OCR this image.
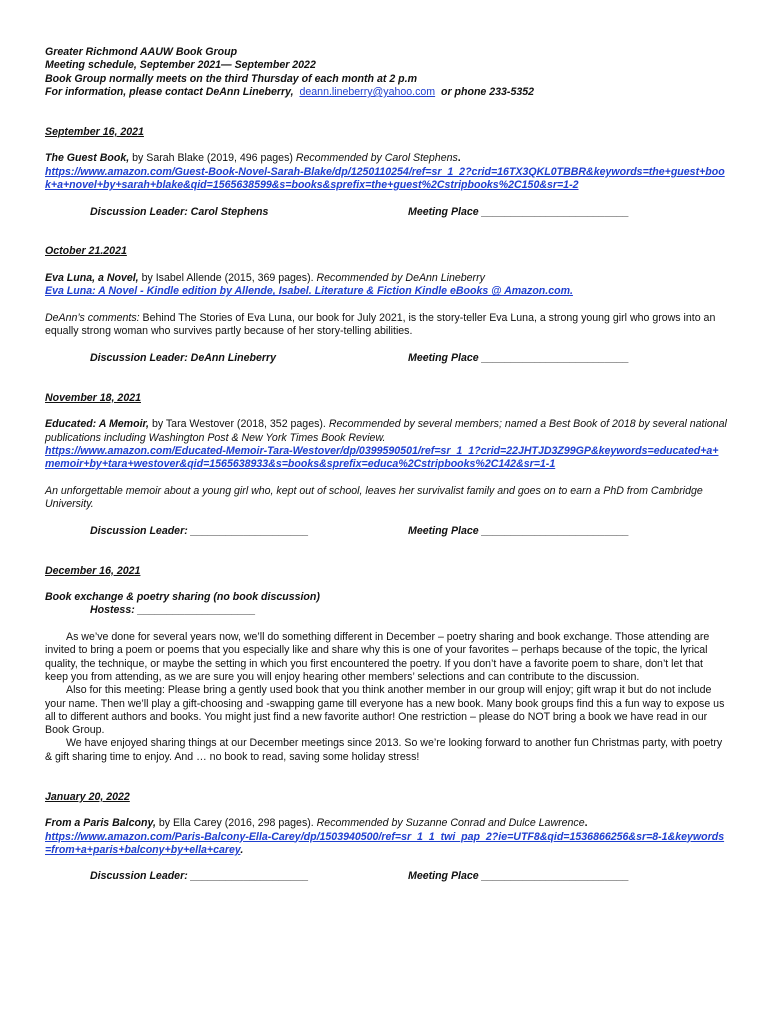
Greater Richmond AAUW Book Group

Meeting schedule, September 2021— September 2022

Book Group normally meets on the third Thursday of each month at 2 p.m

For information, please contact DeAnn Lineberry, deann.lineberry@yahoo.com or phone 233-5352

September 16, 2021

The Guest Book, by Sarah Blake (2019, 496 pages) Recommended by Carol Stephens.

https://www.amazon.com/Guest-Book-Novel-Sarah-Blake/dp/1250110254/ref=sr_1_2?crid=16TX3QKL0TBBR&keywords=the+guest+book+a+novel+by+sarah+blake&qid=1565638599&s=books&sprefix=the+guest%2Cstripbooks%2C150&sr=1-2

Discussion Leader: Carol Stephens	Meeting Place _________________________

October 21.2021

Eva Luna, a Novel, by Isabel Allende (2015, 369 pages). Recommended by DeAnn Lineberry

Eva Luna: A Novel - Kindle edition by Allende, Isabel. Literature & Fiction Kindle eBooks @ Amazon.com.

DeAnn’s comments: Behind The Stories of Eva Luna, our book for July 2021, is the story-teller Eva Luna, a strong young girl who grows into an equally strong woman who survives partly because of her story-telling abilities.

Discussion Leader: DeAnn Lineberry	Meeting Place _________________________

November 18, 2021

Educated: A Memoir, by Tara Westover (2018, 352 pages). Recommended by several members; named a Best Book of 2018 by several national publications including Washington Post & New York Times Book Review.

https://www.amazon.com/Educated-Memoir-Tara-Westover/dp/0399590501/ref=sr_1_1?crid=22JHTJD3Z99GP&keywords=educated+a+memoir+by+tara+westover&qid=1565638933&s=books&sprefix=educa%2Cstripbooks%2C142&sr=1-1

An unforgettable memoir about a young girl who, kept out of school, leaves her survivalist family and goes on to earn a PhD from Cambridge University.

Discussion Leader: ____________________	Meeting Place _________________________

December 16, 2021

Book exchange & poetry sharing (no book discussion)

Hostess: ____________________

As we’ve done for several years now, we’ll do something different in December – poetry sharing and book exchange. Those attending are invited to bring a poem or poems that you especially like and share why this is one of your favorites – perhaps because of the topic, the lyrical quality, the technique, or maybe the setting in which you first encountered the poetry. If you don’t have a favorite poem to share, don’t let that keep you from attending, as we are sure you will enjoy hearing other members’ selections and can contribute to the discussion.

Also for this meeting: Please bring a gently used book that you think another member in our group will enjoy; gift wrap it but do not include your name. Then we’ll play a gift-choosing and -swapping game till everyone has a new book. Many book groups find this a fun way to expose us all to different authors and books. You might just find a new favorite author! One restriction – please do NOT bring a book we have read in our Book Group.

We have enjoyed sharing things at our December meetings since 2013. So we’re looking forward to another fun Christmas party, with poetry & gift sharing time to enjoy. And … no book to read, saving some holiday stress!

January 20, 2022

From a Paris Balcony, by Ella Carey (2016, 298 pages). Recommended by Suzanne Conrad and Dulce Lawrence.

https://www.amazon.com/Paris-Balcony-Ella-Carey/dp/1503940500/ref=sr_1_1_twi_pap_2?ie=UTF8&qid=1536866256&sr=8-1&keywords=from+a+paris+balcony+by+ella+carey.

Discussion Leader: ____________________	Meeting Place _________________________
